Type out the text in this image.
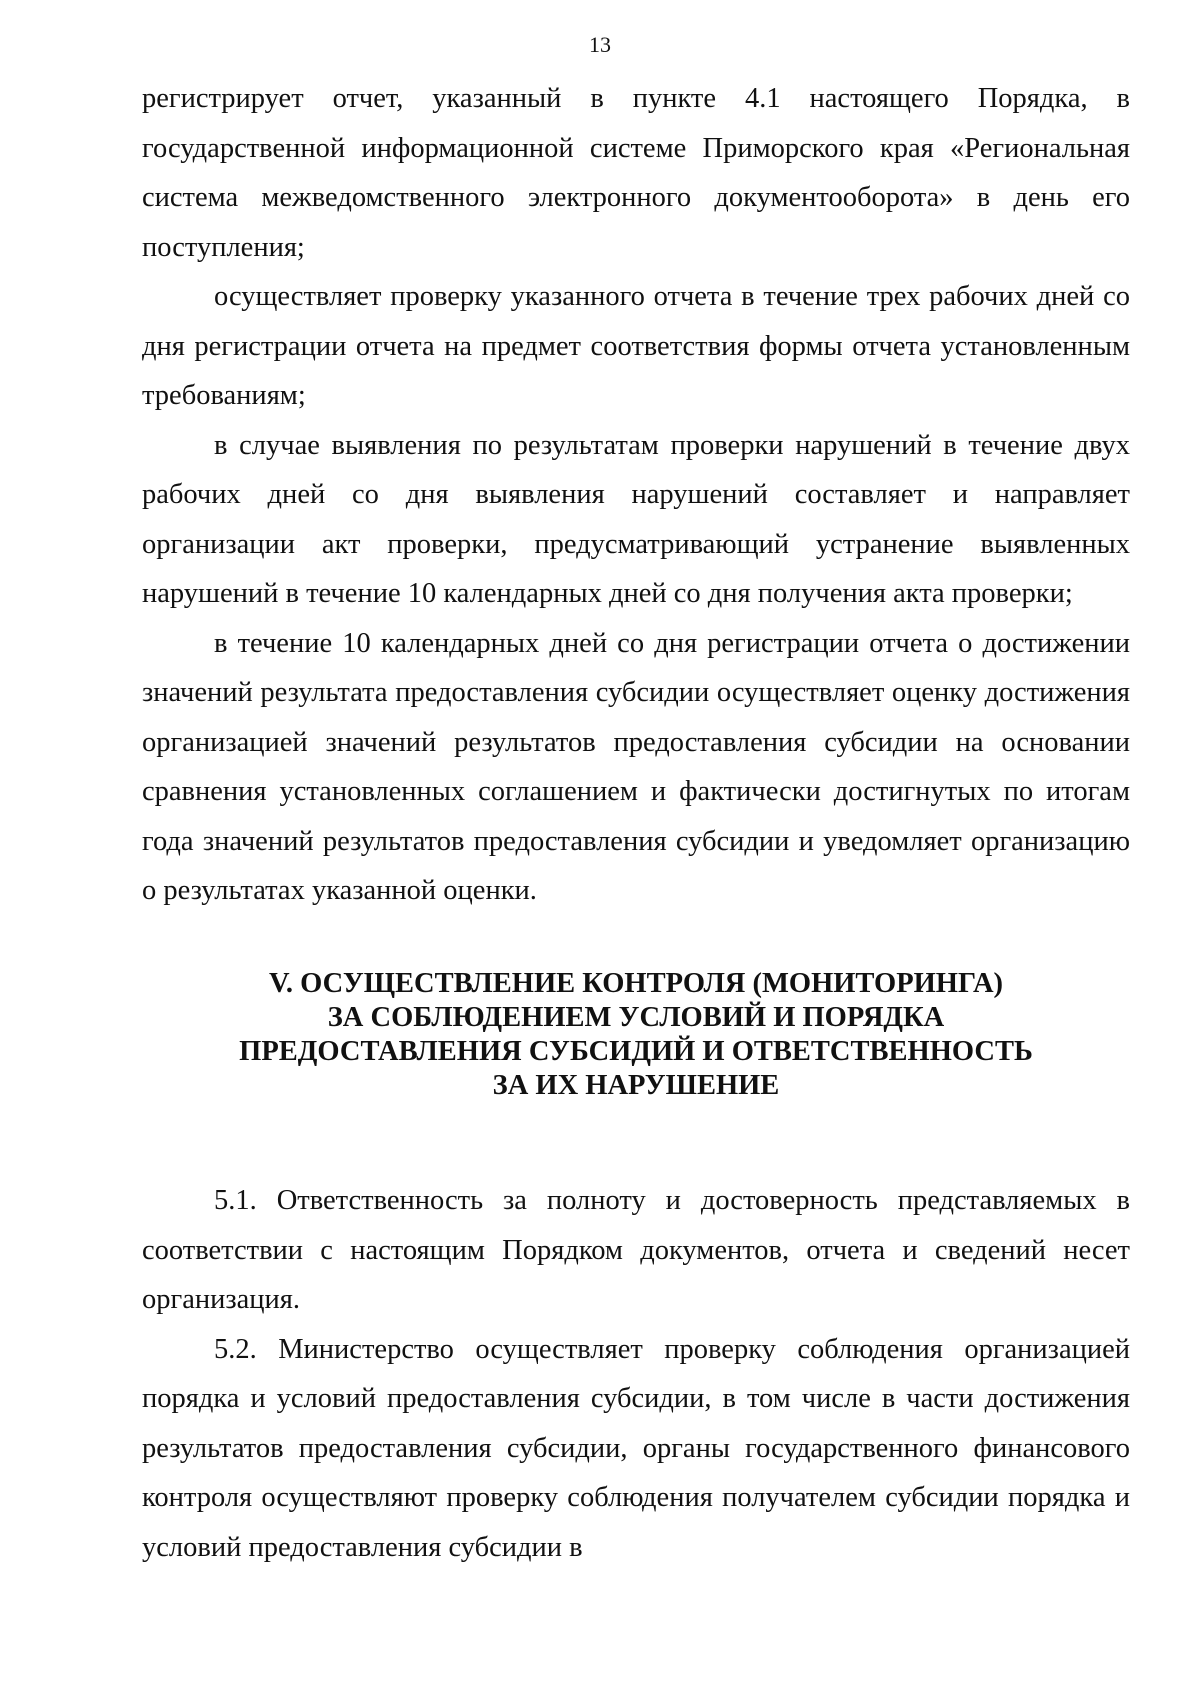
13

регистрирует отчет, указанный в пункте 4.1 настоящего Порядка, в государственной информационной системе Приморского края «Региональная система межведомственного электронного документооборота» в день его поступления;

осуществляет проверку указанного отчета в течение трех рабочих дней со дня регистрации отчета на предмет соответствия формы отчета установленным требованиям;

в случае выявления по результатам проверки нарушений в течение двух рабочих дней со дня выявления нарушений составляет и направляет организации акт проверки, предусматривающий устранение выявленных нарушений в течение 10 календарных дней со дня получения акта проверки;

в течение 10 календарных дней со дня регистрации отчета о достижении значений результата предоставления субсидии осуществляет оценку достижения организацией значений результатов предоставления субсидии на основании сравнения установленных соглашением и фактически достигнутых по итогам года значений результатов предоставления субсидии и уведомляет организацию о результатах указанной оценки.

V. ОСУЩЕСТВЛЕНИЕ КОНТРОЛЯ (МОНИТОРИНГА)
ЗА СОБЛЮДЕНИЕМ УСЛОВИЙ И ПОРЯДКА
ПРЕДОСТАВЛЕНИЯ СУБСИДИЙ И ОТВЕТСТВЕННОСТЬ
ЗА ИХ НАРУШЕНИЕ

5.1. Ответственность за полноту и достоверность представляемых в соответствии с настоящим Порядком документов, отчета и сведений несет организация.

5.2. Министерство осуществляет проверку соблюдения организацией порядка и условий предоставления субсидии, в том числе в части достижения результатов предоставления субсидии, органы государственного финансового контроля осуществляют проверку соблюдения получателем субсидии порядка и условий предоставления субсидии в
